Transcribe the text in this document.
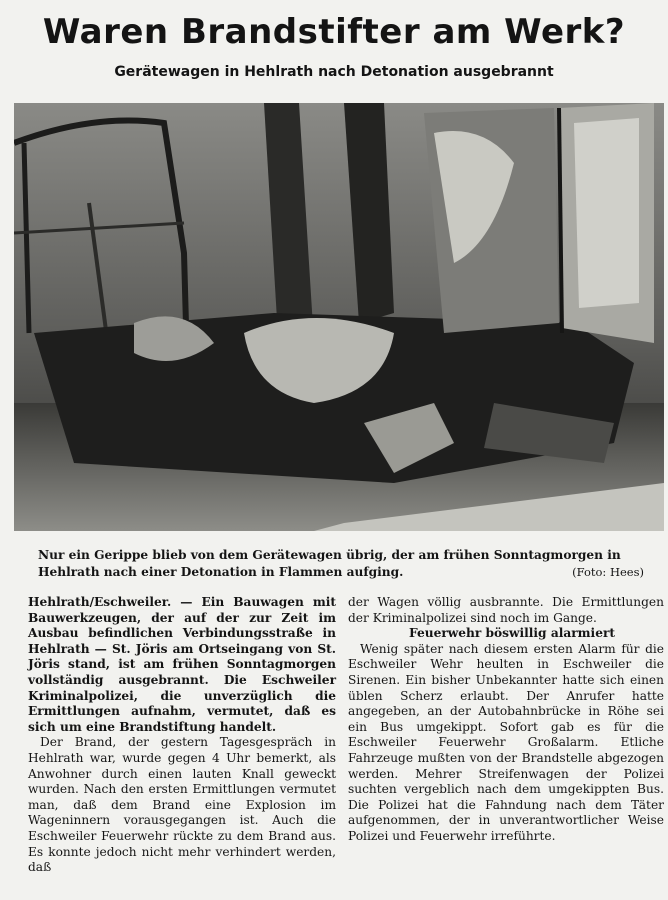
Waren Brandstifter am Werk?
Gerätewagen in Hehlrath nach Detonation ausgebrannt
Nur ein Gerippe blieb von dem Gerätewagen übrig, der am frühen Sonntagmorgen in Hehlrath nach einer Detonation in Flammen aufging.	(Foto: Hees)

Hehlrath/Eschweiler. — Ein Bauwagen mit Bauwerkzeugen, der auf der zur Zeit im Ausbau befindlichen Verbindungsstraße in Hehlrath — St. Jöris am Ortseingang von St. Jöris stand, ist am frühen Sonntagmorgen vollständig ausgebrannt. Die Eschweiler Kriminalpolizei, die unverzüglich die Ermittlungen aufnahm, vermutet, daß es sich um eine Brandstiftung handelt.

Der Brand, der gestern Tagesgespräch in Hehlrath war, wurde gegen 4 Uhr bemerkt, als Anwohner durch einen lauten Knall geweckt wurden. Nach den ersten Ermittlungen vermutet man, daß dem Brand eine Explosion im Wageninnern vorausgegangen ist. Auch die Eschweiler Feuerwehr rückte zu dem Brand aus. Es konnte jedoch nicht mehr verhindert werden, daß

der Wagen völlig ausbrannte. Die Ermittlungen der Kriminalpolizei sind noch im Gange.

Feuerwehr böswillig alarmiert

Wenig später nach diesem ersten Alarm für die Eschweiler Wehr heulten in Eschweiler die Sirenen. Ein bisher Unbekannter hatte sich einen üblen Scherz erlaubt. Der Anrufer hatte angegeben, an der Autobahnbrücke in Röhe sei ein Bus umgekippt. Sofort gab es für die Eschweiler Feuerwehr Großalarm. Etliche Fahrzeuge mußten von der Brandstelle abgezogen werden. Mehrer Streifenwagen der Polizei suchten vergeblich nach dem umgekippten Bus. Die Polizei hat die Fahndung nach dem Täter aufgenommen, der in unverantwortlicher Weise Polizei und Feuerwehr irreführte.
